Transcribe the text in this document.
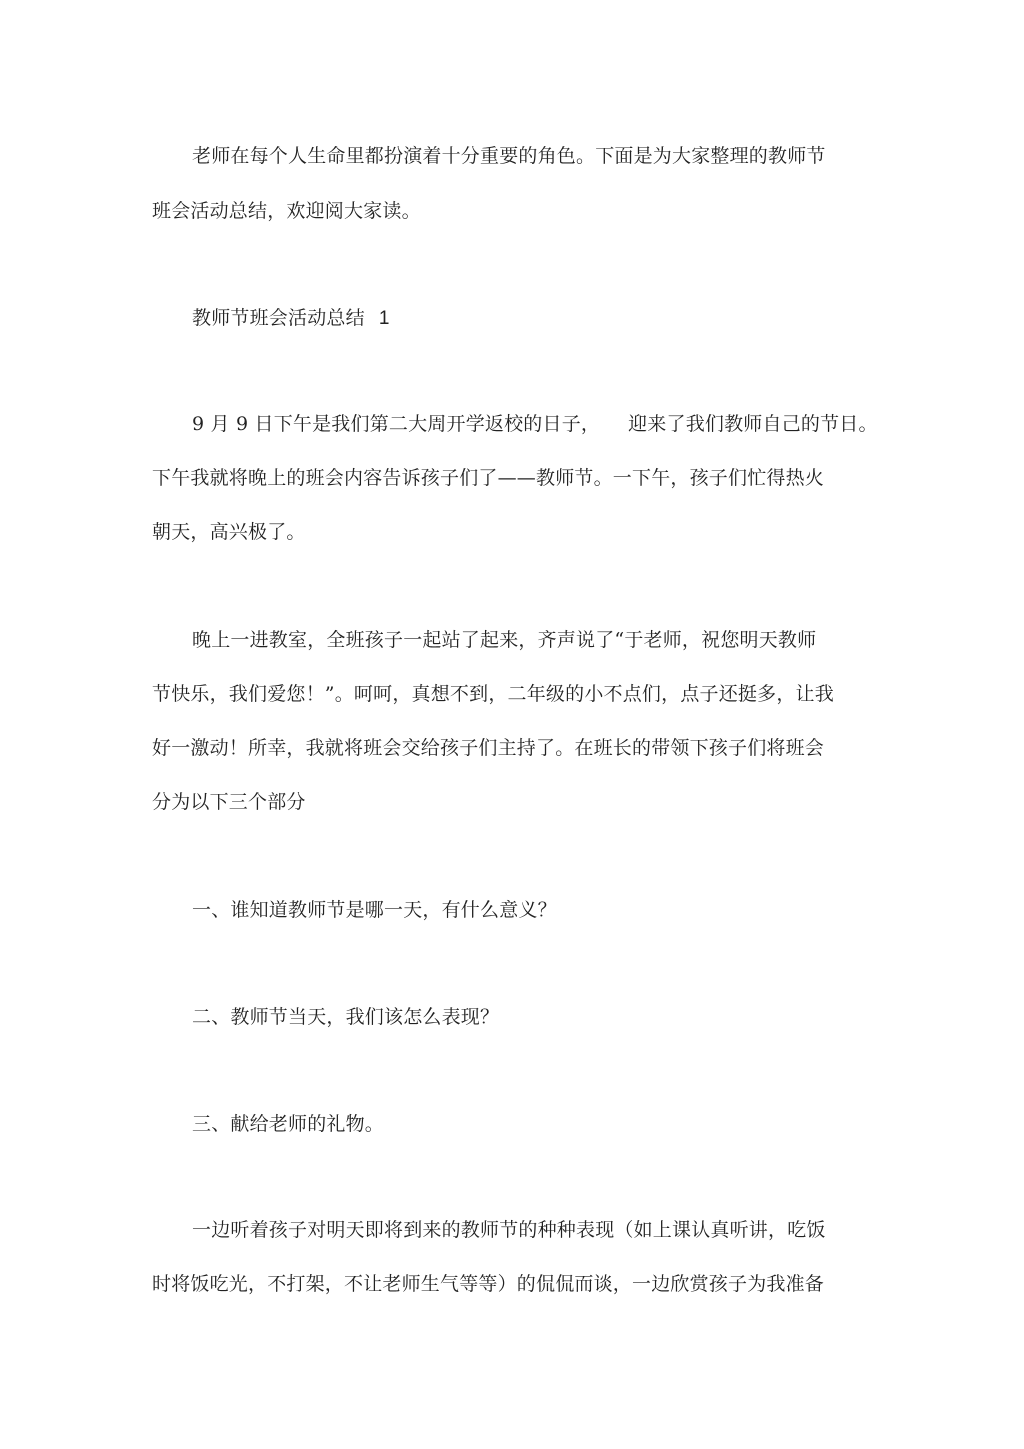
老师在每个人生命里都扮演着十分重要的角色。下面是为大家整理的教师节
班会活动总结，欢迎阅大家读。
教师节班会活动总结 1
9 月 9 日下午是我们第二大周开学返校的日子， 迎来了我们教师自己的节日。
下午我就将晚上的班会内容告诉孩子们了——教师节。一下午，孩子们忙得热火
朝天，高兴极了。
晚上一进教室，全班孩子一起站了起来，齐声说了“于老师，祝您明天教师
节快乐，我们爱您！”。呵呵，真想不到，二年级的小不点们，点子还挺多，让我
好一激动！所幸，我就将班会交给孩子们主持了。在班长的带领下孩子们将班会
分为以下三个部分
一、谁知道教师节是哪一天，有什么意义？
二、教师节当天，我们该怎么表现？
三、献给老师的礼物。
一边听着孩子对明天即将到来的教师节的种种表现（如上课认真听讲，吃饭
时将饭吃光，不打架，不让老师生气等等）的侃侃而谈，一边欣赏孩子为我准备
